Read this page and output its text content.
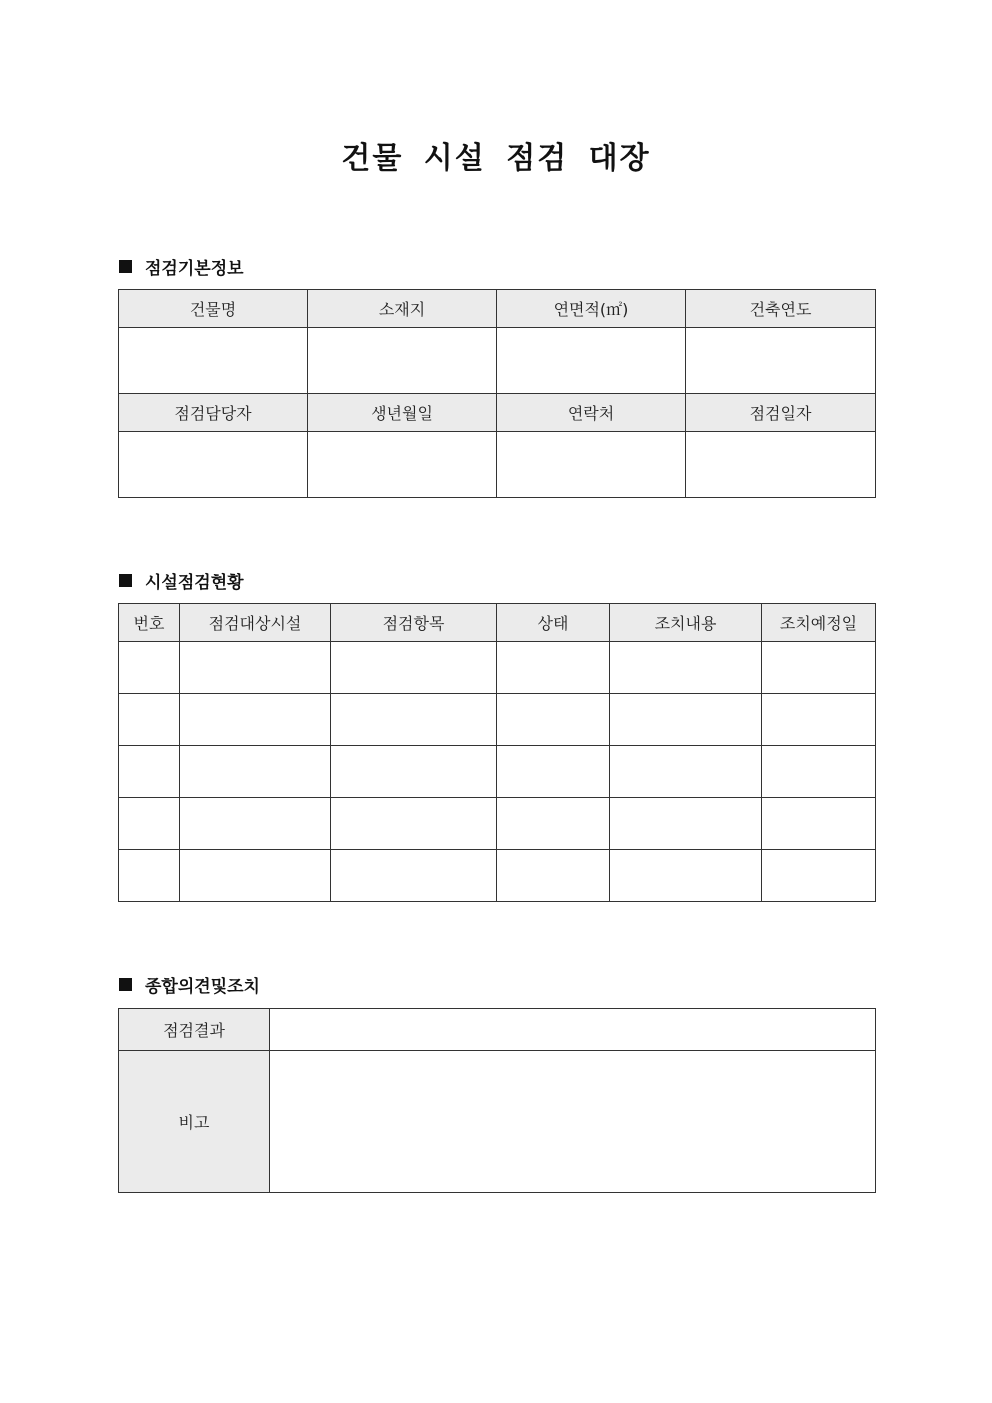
건물 시설 점검 대장
점검기본정보
건물명	소재지	연면적(㎡)	건축연도

점검담당자	생년월일	연락처	점검일자

시설점검현황
번호	점검대상시설	점검항목	상태	조치내용	조치예정일

종합의견및조치
점검결과	
비고	
